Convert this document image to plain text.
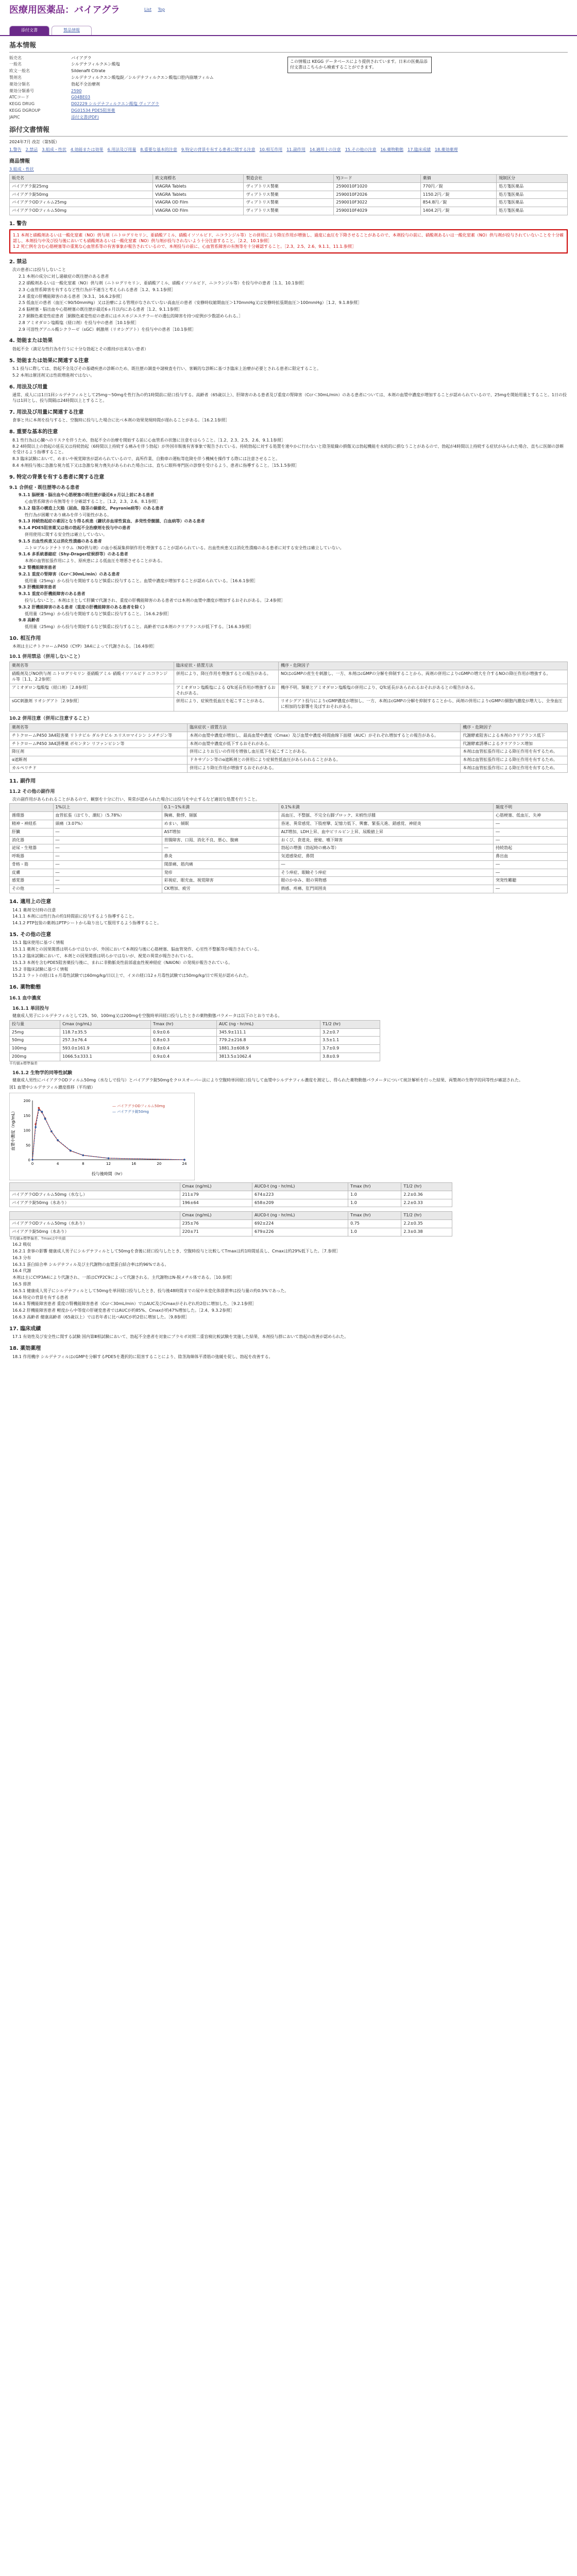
医療用医薬品：バイアグラ	List Top
添付文書	製品情報
基本情報
販売名	バイアグラ
一般名	シルデナフィルクエン酸塩
欧文一般名	Sildenafil Citrate
製剤名	シルデナフィルクエン酸塩錠／シルデナフィルクエン酸塩口腔内崩壊フィルム
薬効分類名	勃起不全治療剤
薬効分類番号	2590
ATCコード	G04BE03
KEGG DRUG	D02229 シルデナフィルクエン酸塩 ヴィアグラ
KEGG DGROUP	DG01534 PDE5阻害薬
JAPIC	添付文書(PDF)
この情報は KEGG データベースにより提供されています。日米の医薬品添付文書はこちらから検索することができます。
添付文書情報
2024年7月 改訂（第5版）
1.警告 2.禁忌 3.組成・性状 4.効能または効果 6.用法及び用量 8.重要な基本的注意 9.特定の背景を有する患者に関する注意 10.相互作用 11.副作用 14.適用上の注意 15.その他の注意 16.薬物動態 17.臨床成績 18.薬効薬理
商品情報
3.組成・性状
販売名	欧文商標名	製造会社	YJコード	薬価	規制区分
バイアグラ錠25mg	VIAGRA Tablets	ヴィアトリス製薬	2590010F1020	770円／錠	処方箋医薬品
バイアグラ錠50mg	VIAGRA Tablets	ヴィアトリス製薬	2590010F2026	1150.2円／錠	処方箋医薬品
バイアグラODフィルム25mg	VIAGRA OD Film	ヴィアトリス製薬	2590010F3022	854.8円／錠	処方箋医薬品
バイアグラODフィルム50mg	VIAGRA OD Film	ヴィアトリス製薬	2590010F4029	1404.2円／錠	処方箋医薬品
1. 警告
1.1 本剤と硝酸剤あるいは一酸化窒素（NO）供与剤（ニトログリセリン、亜硝酸アミル、硝酸イソソルビド、ニコランジル等）との併用により降圧作用が増強し、過度に血圧を下降させることがあるので、本剤投与の前に、硝酸剤あるいは一酸化窒素（NO）供与剤が投与されていないことを十分確認し、本剤投与中及び投与後においても硝酸剤あるいは一酸化窒素（NO）供与剤が投与されないよう十分注意すること。［2.2、10.1参照］
1.2 死亡例を含む心筋梗塞等の重篤な心血管系等の有害事象が報告されているので、本剤投与の前に、心血管系障害の有無等を十分確認すること。［2.3、2.5、2.6、9.1.1、11.1.参照］
2. 禁忌
次の患者には投与しないこと
2.1 本剤の成分に対し過敏症の既往歴のある患者
2.2 硝酸剤あるいは一酸化窒素（NO）供与剤（ニトログリセリン、亜硝酸アミル、硝酸イソソルビド、ニコランジル等）を投与中の患者［1.1、10.1参照］
2.3 心血管系障害を有するなど性行為が不適当と考えられる患者［1.2、9.1.1参照］
2.4 重度の肝機能障害のある患者［9.3.1、16.6.2参照］
2.5 低血圧の患者（血圧＜90/50mmHg）又は治療による管理がなされていない高血圧の患者（安静時収縮期血圧＞170mmHg又は安静時拡張期血圧＞100mmHg）［1.2、9.1.8参照］
2.6 脳梗塞・脳出血や心筋梗塞の既往歴が最近6ヵ月以内にある患者［1.2、9.1.1参照］
2.7 網膜色素変性症患者［網膜色素変性症の患者にはホスホジエステラーゼの遺伝的障害を持つ症例が少数認められる。］
2.8 アミオダロン塩酸塩（経口剤）を投与中の患者［10.1参照］
2.9 可溶性グアニル酸シクラーゼ（sGC）刺激剤（リオシグアト）を投与中の患者［10.1参照］
4. 効能または効果
勃起不全（満足な性行為を行うに十分な勃起とその維持が出来ない患者）
5. 効能または効果に関連する注意
5.1 投与に際しては、勃起不全及びその基礎疾患の診断のため、既往歴の調査や諸検査を行い、客観的な診断に基づき臨床上治療が必要とされる患者に限定すること。
5.2 本剤は催淫剤又は性欲増進剤ではない。
6. 用法及び用量
通常、成人には1日1回シルデナフィルとして25mg～50mgを性行為の約1時間前に経口投与する。高齢者（65歳以上）、肝障害のある患者及び重度の腎障害（Ccr＜30mL/min）のある患者については、本剤の血漿中濃度が増加することが認められているので、25mgを開始用量とすること。1日の投与は1回とし、投与間隔は24時間以上とすること。
7. 用法及び用量に関連する注意
食事と共に本剤を投与すると、空腹時に投与した場合に比べ本剤の効果発現時間が遅れることがある。［16.2.1参照］
8. 重要な基本的注意
8.1 性行為は心臓へのリスクを伴うため、勃起不全の治療を開始する前に心血管系の状態に注意をはらうこと。［1.2、2.3、2.5、2.6、9.1.1参照］
8.2 4時間以上の勃起の延長又は持続勃起（6時間以上持続する痛みを伴う勃起）が外国市販後有害事象で報告されている。持続勃起に対する処置を速やかに行わないと陰茎組織の損傷又は勃起機能を永続的に損なうことがあるので、勃起が4時間以上持続する症状がみられた場合、直ちに医師の診断を受けるよう指導すること。
8.3 臨床試験において、めまいや視覚障害が認められているので、高所作業、自動車の運転等危険を伴う機械を操作する際には注意させること。
8.4 本剤投与後に急激な視力低下又は急激な視力喪失があらわれた場合には、直ちに眼科専門医の診察を受けるよう、患者に指導すること。［15.1.5参照］
9. 特定の背景を有する患者に関する注意
9.1 合併症・既往歴等のある患者
9.1.1 脳梗塞・脳出血や心筋梗塞の既往歴が最近6ヵ月以上前にある患者
心血管系障害の有無等を十分確認すること。［1.2、2.3、2.6、8.1参照］
9.1.2 陰茎の構造上欠陥（屈曲、陰茎の線維化、Peyronie病等）のある患者
性行為が困難であり痛みを伴う可能性がある。
9.1.3 持続勃起症の素因となり得る疾患（鎌状赤血球性貧血、多発性骨髄腫、白血病等）のある患者
9.1.4 PDE5阻害薬又は他の勃起不全治療剤を投与中の患者
併用使用に関する安全性は確立していない。
9.1.5 出血性疾患又は消化性潰瘍のある患者
ニトロプルシドナトリウム（NO供与剤）の血小板凝集抑制作用を増強することが認められている。出血性疾患又は消化性潰瘍のある患者に対する安全性は確立していない。
9.1.6 多系統萎縮症（Shy-Drager症候群等）のある患者
本剤の血管拡張作用により、原疾患による低血圧を増悪させることがある。
9.2 腎機能障害患者
9.2.1 重度の腎障害（Ccr＜30mL/min）のある患者
低用量（25mg）から投与を開始するなど慎重に投与すること。血漿中濃度が増加することが認められている。［16.6.1参照］
9.3 肝機能障害患者
9.3.1 重度の肝機能障害のある患者
投与しないこと。本剤は主として肝臓で代謝され、重度の肝機能障害のある患者では本剤の血漿中濃度が増加するおそれがある。［2.4参照］
9.3.2 肝機能障害のある患者（重度の肝機能障害のある患者を除く）
低用量（25mg）から投与を開始するなど慎重に投与すること。［16.6.2参照］
9.8 高齢者
低用量（25mg）から投与を開始するなど慎重に投与すること。高齢者では本剤のクリアランスが低下する。［16.6.3参照］
10. 相互作用
本剤は主にチトクロームP450（CYP）3A4によって代謝される。［16.4参照］
10.1 併用禁忌（併用しないこと）
薬剤名等	臨床症状・措置方法	機序・危険因子
硝酸剤及びNO供与剤 ニトログリセリン 亜硝酸アミル 硝酸イソソルビド ニコランジル等［1.1、2.2参照］	併用により、降圧作用を増強するとの報告がある。	NOはcGMPの産生を刺激し、一方、本剤はcGMPの分解を抑制することから、両剤の併用によりcGMPの増大を介するNOの降圧作用が増強する。
アミオダロン塩酸塩（経口剤）［2.8参照］	アミオダロン塩酸塩による QTc延長作用が増強するおそれがある。	機序不明。類薬とアミオダロン塩酸塩の併用により、QTc延長があらわれるおそれがあるとの報告がある。
sGC刺激剤 リオシグアト［2.9参照］	併用により、症候性低血圧を起こすことがある。	リオシグアト投与によりcGMP濃度が増加し、一方、本剤はcGMPの分解を抑制することから、両剤の併用によりcGMPの細胞内濃度が増大し、全身血圧に相加的な影響を及ぼすおそれがある。
10.2 併用注意（併用に注意すること）
薬剤名等	臨床症状・措置方法	機序・危険因子
チトクロームP450 3A4阻害薬 リトナビル ダルナビル エリスロマイシン シメチジン等	本剤の血漿中濃度が増加し、最高血漿中濃度（Cmax）及び血漿中濃度-時間曲線下面積（AUC）がそれぞれ増加するとの報告がある。	代謝酵素阻害による本剤のクリアランス低下
チトクロームP450 3A4誘導薬 ボセンタン リファンピシン等	本剤の血漿中濃度が低下するおそれがある。	代謝酵素誘導によるクリアランス増加
降圧剤	併用によりお互いの作用を増強し血圧低下を起こすことがある。	本剤は血管拡張作用による降圧作用を有するため。
α遮断剤	ドキサゾシン等のα遮断剤との併用により症候性低血圧があらわれることがある。	本剤は血管拡張作用による降圧作用を有するため。
カルペリチド	併用により降圧作用が増強するおそれがある。	本剤は血管拡張作用による降圧作用を有するため。
11. 副作用
11.2 その他の副作用
次の副作用があらわれることがあるので、観察を十分に行い、異常が認められた場合には投与を中止するなど適切な処置を行うこと。
	1%以上	0.1～1%未満	0.1%未満	頻度不明
循環器	血管拡張（ほてり、潮紅）（5.78%）	胸痛、動悸、頻脈	高血圧、不整脈、不完全右脚ブロック、末梢性浮腫	心筋梗塞、低血圧、失神
精神・神経系	頭痛（3.07%）	めまい、傾眠	昏迷、異常感覚、下肢痙攣、記憶力低下、興奮、緊張亢進、錯感覚、神経炎	―
肝臓	―	AST増加	ALT増加、LDH上昇、血中ビリルビン上昇、尿酸値上昇	―
消化器	―	胃腸障害、口渇、消化不良、悪心、腹痛	おくび、食道炎、便秘、嚥下障害	―
泌尿・生殖器	―	―	勃起の増強（勃起時の痛み等）	持続勃起
呼吸器	―	鼻炎	気道感染症、鼻閉	鼻出血
骨格・筋	―	関節痛、筋肉痛	―	―
皮膚	―	発疹	そう痒症、眼瞼そう痒症	―
感覚器	―	彩視症、眼充血、視覚障害	眼のかゆみ、眼の異物感	突発性難聴
その他	―	CK増加、疲労	熱感、疼痛、肛門周囲炎	―
14. 適用上の注意
14.1 薬剤交付時の注意
14.1.1 本剤には性行為の約1時間前に投与するよう指導すること。
14.1.2 PTP包装の薬剤はPTPシートから取り出して服用するよう指導すること。
15. その他の注意
15.1 臨床使用に基づく情報
15.1.1 薬剤との因果関係は明らかではないが、外国において本剤投与後に心筋梗塞、脳血管発作、心室性不整脈等が報告されている。
15.1.2 臨床試験において、本剤との因果関係は明らかではないが、視覚の異常が報告されている。
15.1.3 本剤を含むPDE5阻害薬投与後に、まれに非動脈炎性前部虚血性視神経症（NAION）の発現が報告されている。
15.2 非臨床試験に基づく情報
15.2.1 ラットの経口1ヵ月毒性試験では60mg/kg/日以上で、イヌの経口12ヵ月毒性試験では50mg/kg/日で所見が認められた。
16. 薬物動態
16.1 血中濃度
16.1.1 単回投与
健康成人男子にシルデナフィルとして25、50、100mg又は200mgを空腹時単回経口投与したときの薬物動態パラメータは以下のとおりである。
投与量	Cmax (ng/mL)	Tmax (hr)	AUC (ng・hr/mL)	T1/2 (hr)
25mg	118.7±35.5	0.9±0.6	345.9±111.1	3.2±0.7
50mg	257.3±76.4	0.8±0.3	779.2±216.8	3.5±1.1
100mg	593.0±161.9	0.8±0.4	1881.3±608.9	3.7±0.9
200mg	1066.5±333.1	0.9±0.4	3813.5±1062.4	3.8±0.9
平均値±標準偏差
16.1.2 生物学的同等性試験
健康成人男性にバイアグラODフィルム50mg（水なしで投与）とバイアグラ錠50mgをクロスオーバー法により空腹時単回経口投与して血漿中シルデナフィル濃度を測定し、得られた薬物動態パラメータについて統計解析を行った結果、両製剤の生物学的同等性が確認された。
図1 血漿中シルデナフィル濃度推移（平均値）
投与後時間（hr）
血漿中濃度（ng/mL）
0
50
100
150
200
0	4	8	12	16	20	24
— バイアグラODフィルム50mg
— バイアグラ錠50mg
	Cmax (ng/mL)	AUC0-t (ng・hr/mL)	Tmax (hr)	T1/2 (hr)
バイアグラODフィルム50mg（水なし）	211±79	674±223	1.0	2.2±0.36
バイアグラ錠50mg（水あり）	196±64	658±209	1.0	2.2±0.33
	Cmax (ng/mL)	AUC0-t (ng・hr/mL)	Tmax (hr)	T1/2 (hr)
バイアグラODフィルム50mg（水あり）	235±76	692±224	0.75	2.2±0.35
バイアグラ錠50mg（水あり）	220±71	679±226	1.0	2.3±0.38
平均値±標準偏差、Tmaxは中央値
16.2 吸収
16.2.1 食事の影響 健康成人男子にシルデナフィルとして50mgを食後に経口投与したとき、空腹時投与と比較してTmaxは約1時間延長し、Cmaxは約29%低下した。［7.参照］
16.3 分布
16.3.1 蛋白結合率 シルデナフィル及び主代謝物の血漿蛋白結合率は約96%である。
16.4 代謝
本剤は主にCYP3A4により代謝され、一部はCYP2C9によって代謝される。主代謝物はN-脱メチル体である。［10.参照］
16.5 排泄
16.5.1 健康成人男子にシルデナフィルとして50mgを単回経口投与したとき、投与後48時間までの尿中未変化体排泄率は投与量の約0.5%であった。
16.6 特定の背景を有する患者
16.6.1 腎機能障害患者 重度の腎機能障害患者（Ccr＜30mL/min）ではAUC及びCmaxがそれぞれ約2倍に増加した。［9.2.1参照］
16.6.2 肝機能障害患者 軽度から中等度の肝硬変患者ではAUCが約85%、Cmaxが約47%増加した。［2.4、9.3.2参照］
16.6.3 高齢者 健康高齢者（65歳以上）では若年者に比べAUCが約2倍に増加した。［9.8参照］
17. 臨床成績
17.1 有効性及び安全性に関する試験 国内第Ⅲ相試験において、勃起不全患者を対象にプラセボ対照二重盲検比較試験を実施した結果、本剤投与群において勃起の改善が認められた。
18. 薬効薬理
18.1 作用機序 シルデナフィルはcGMPを分解するPDE5を選択的に阻害することにより、陰茎海綿体平滑筋の弛緩を促し、勃起を改善する。
